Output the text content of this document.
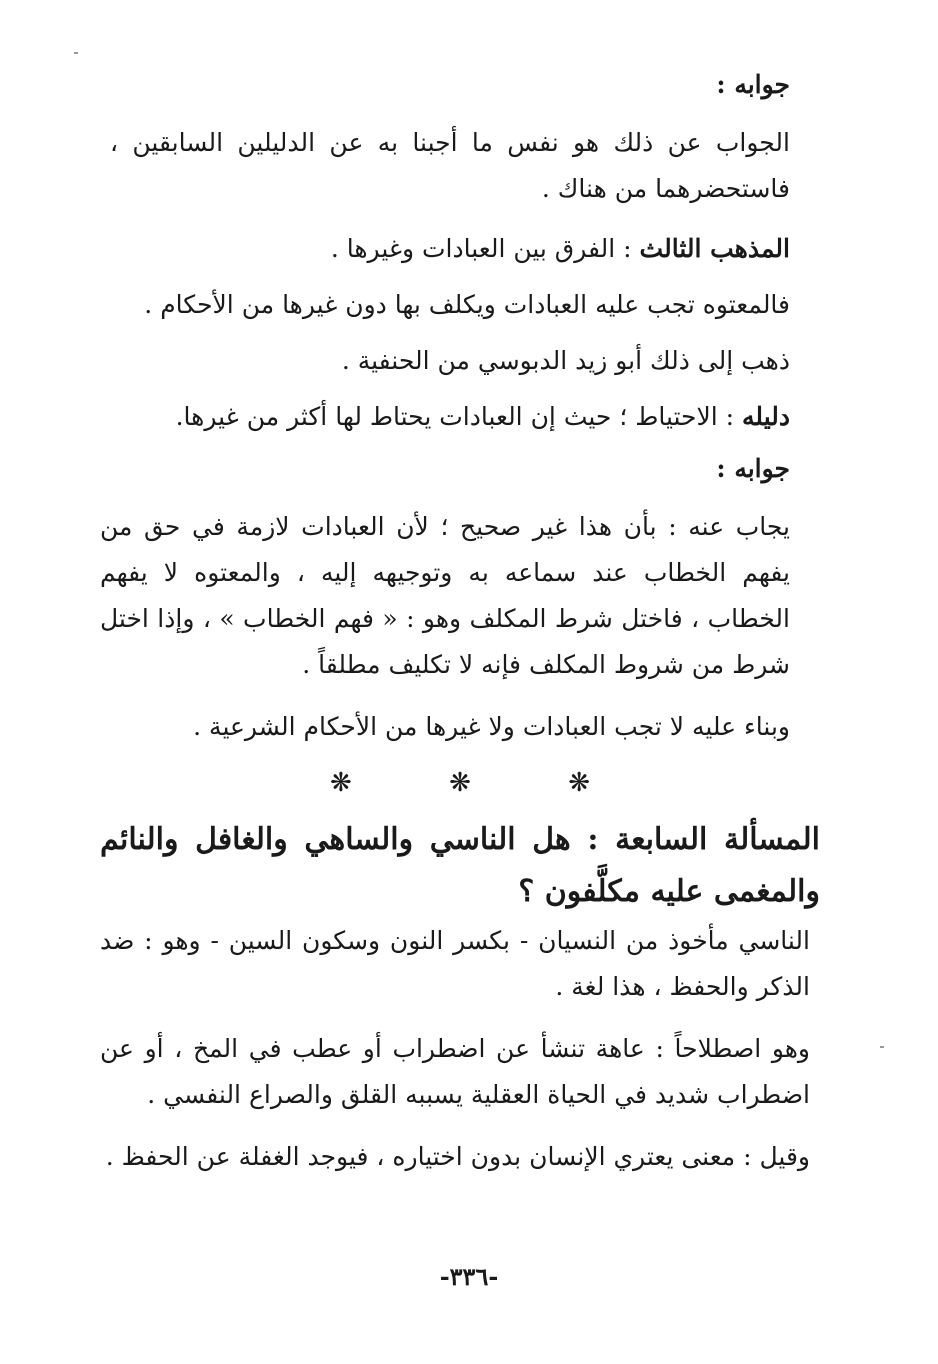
جوابه :
الجواب عن ذلك هو نفس ما أجبنا به عن الدليلين السابقين ، فاستحضرهما من هناك .
المذهب الثالث : الفرق بين العبادات وغيرها .
فالمعتوه تجب عليه العبادات ويكلف بها دون غيرها من الأحكام .
ذهب إلى ذلك أبو زيد الدبوسي من الحنفية .
دليله : الاحتياط ؛ حيث إن العبادات يحتاط لها أكثر من غيرها.
جوابه :
يجاب عنه : بأن هذا غير صحيح ؛ لأن العبادات لازمة في حق من يفهم الخطاب عند سماعه به وتوجيهه إليه ، والمعتوه لا يفهم الخطاب ، فاختل شرط المكلف وهو : « فهم الخطاب » ، وإذا اختل شرط من شروط المكلف فإنه لا تكليف مطلقاً .
وبناء عليه لا تجب العبادات ولا غيرها من الأحكام الشرعية .
❋	❋	❋
المسألة السابعة : هل الناسي والساهي والغافل والنائم والمغمى عليه مكلَّفون ؟
الناسي مأخوذ من النسيان - بكسر النون وسكون السين - وهو : ضد الذكر والحفظ ، هذا لغة .
وهو اصطلاحاً : عاهة تنشأ عن اضطراب أو عطب في المخ ، أو عن اضطراب شديد في الحياة العقلية يسببه القلق والصراع النفسي .
وقيل : معنى يعتري الإنسان بدون اختياره ، فيوجد الغفلة عن الحفظ .
-٣٣٦-
